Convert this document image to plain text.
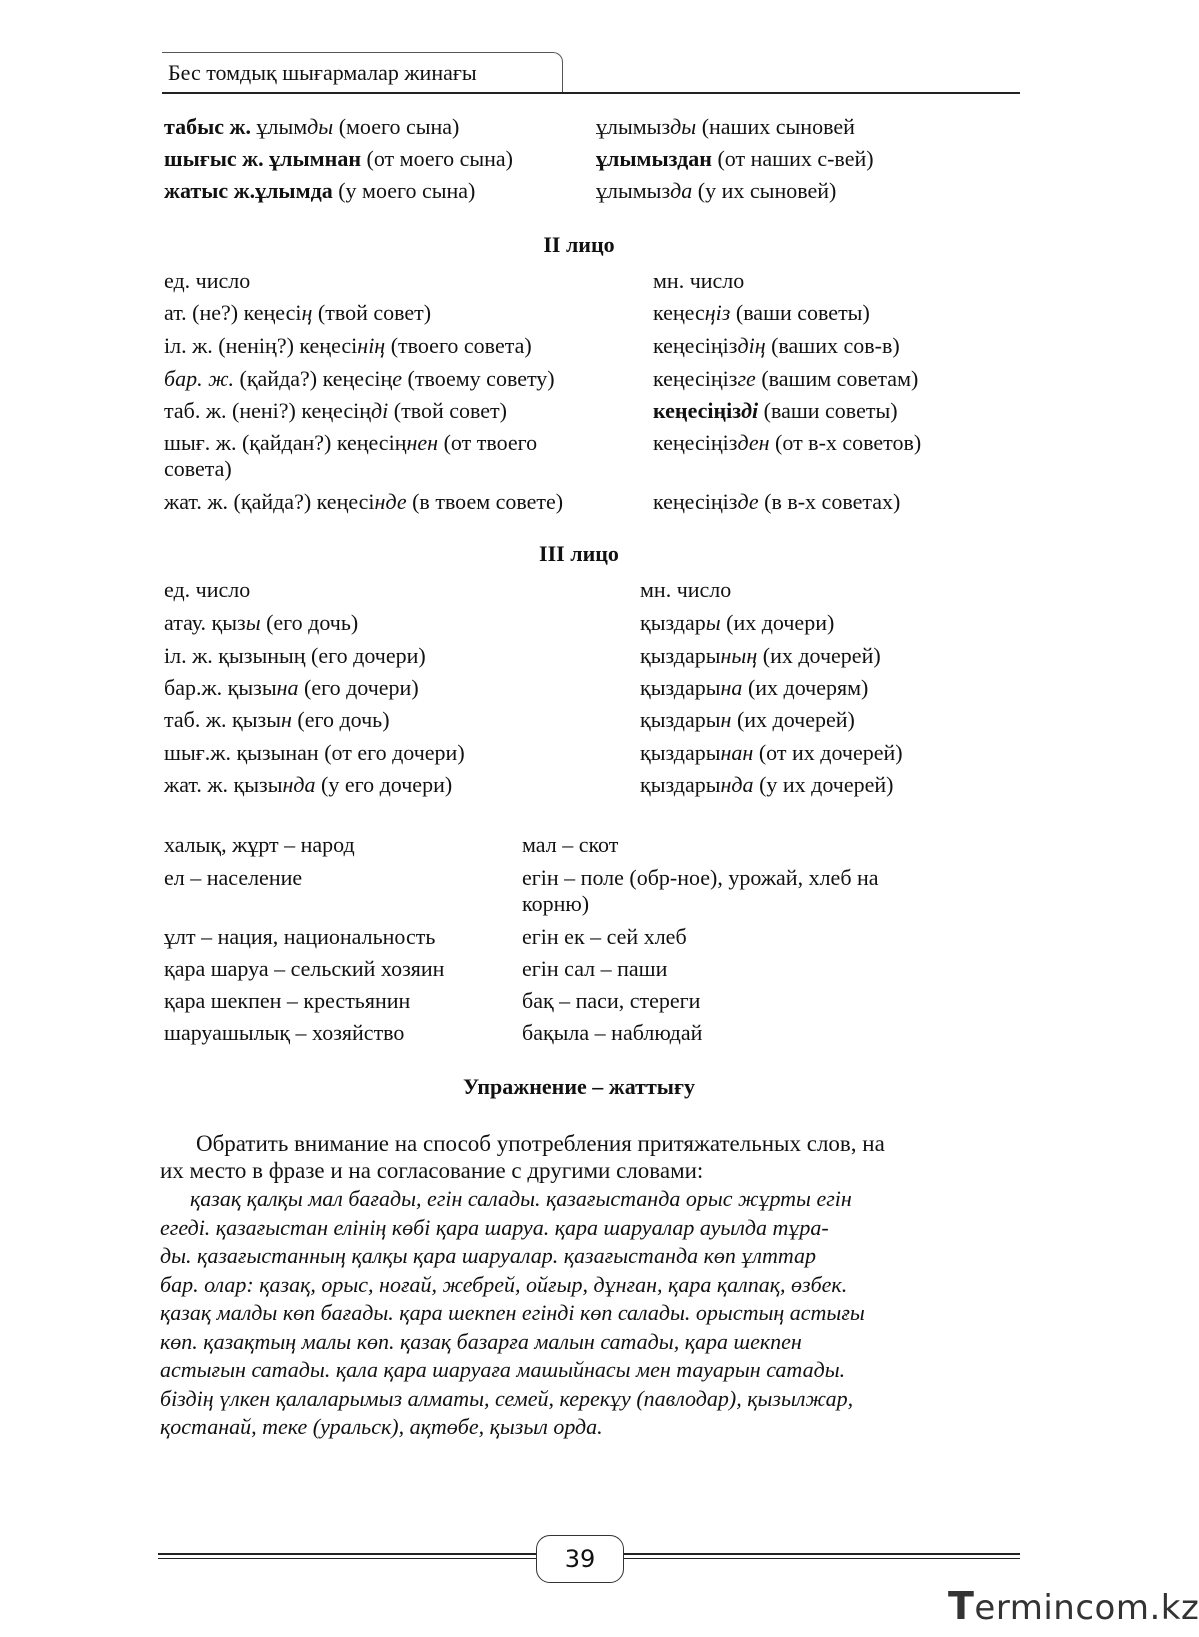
Бес томдық шығармалар жинағы
табыс ж. ұлымды (моего сына)	ұлымызды (наших сыновей
шығыс ж. ұлымнан (от моего сына)	ұлымыздан (от наших с-вей)
жатыс ж.ұлымда (у моего сына)	ұлымызда (у их сыновей)
II лицо
ед. число	мн. число
ат. (не?) кеңесің (твой совет)	кеңесңіз (ваши советы)
іл. ж. (ненің?) кеңесінің (твоего совета)	кеңесіңіздің (ваших сов-в)
бар. ж. (қайда?) кеңесіңе (твоему совету)	кеңесіңізге (вашим советам)
таб. ж. (нені?) кеңесіңді (твой совет)	кеңесіңізді (ваши советы)
шығ. ж. (қайдан?) кеңесіңнен (от твоего	кеңесіңізден (от в-х советов)
совета)
жат. ж. (қайда?) кеңесінде (в твоем совете)	кеңесіңізде (в в-х советах)
III лицо
ед. число	мн. число
атау. қызы (его дочь)	қыздары (их дочери)
іл. ж. қызының (его дочери)	қыздарының (их дочерей)
бар.ж. қызына (его дочери)	қыздарына (их дочерям)
таб. ж. қызын (его дочь)	қыздарын (их дочерей)
шығ.ж. қызынан (от его дочери)	қыздарынан (от их дочерей)
жат. ж. қызында (у его дочери)	қыздарында (у их дочерей)
халық, жұрт – народ	мал – скот
ел – население	егін – поле (обр-ное), урожай, хлеб на
корню)
ұлт – нация, национальность	егін ек – сей хлеб
қара шаруа – сельский хозяин	егін сал – паши
қара шекпен – крестьянин	бақ – паси, стереги
шаруашылық – хозяйство	бақыла – наблюдай
Упражнение – жаттығу
Обратить внимание на способ употребления притяжательных слов, на
их место в фразе и на согласование с другими словами:
қазақ қалқы мал бағады, егін салады. қазағыстанда орыс жұрты егін
егеді. қазағыстан елінің көбі қара шаруа. қара шаруалар ауылда тұра-
ды. қазағыстанның қалқы қара шаруалар. қазағыстанда көп ұлттар
бар. олар: қазақ, орыс, ноғай, жебрей, ойғыр, дұнған, қара қалпақ, өзбек.
қазақ малды көп бағады. қара шекпен егінді көп салады. орыстың астығы
көп. қазақтың малы көп. қазақ базарға малын сатады, қара шекпен
астығын сатады. қала қара шаруаға машыйнасы мен тауарын сатады.
біздің үлкен қалаларымыз алматы, семей, керекұу (павлодар), қызылжар,
қостанай, теке (уральск), ақтөбе, қызыл орда.
39
Termincom.kz
